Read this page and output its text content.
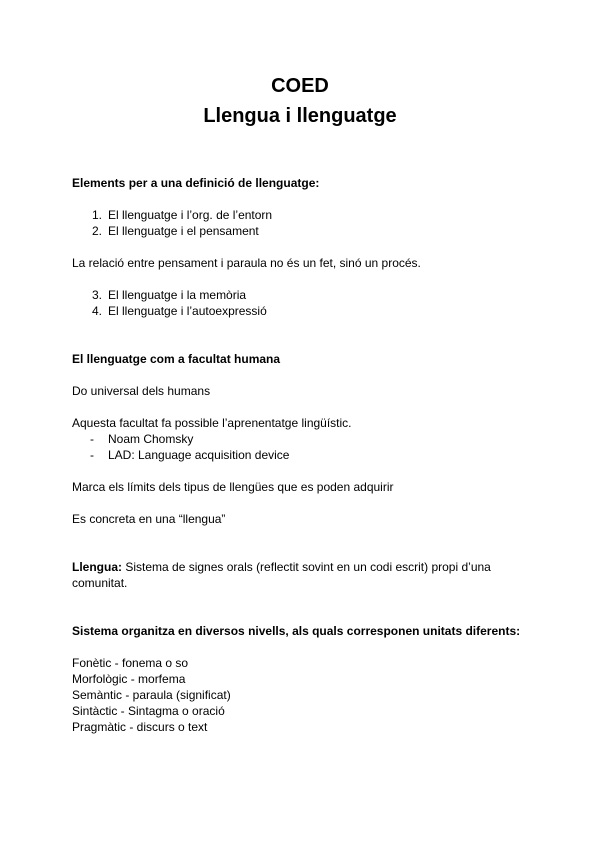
COED
Llengua i llenguatge
Elements per a una definició de llenguatge:
1. El llenguatge i l’org. de l’entorn
2. El llenguatge i el pensament
La relació entre pensament i paraula no és un fet, sinó un procés.
3. El llenguatge i la memòria
4. El llenguatge i l’autoexpressió
El llenguatge com a facultat humana
Do universal dels humans
Aquesta facultat fa possible l’aprenentatge lingüístic.
- Noam Chomsky
- LAD: Language acquisition device
Marca els límits dels tipus de llengües que es poden adquirir
Es concreta en una “llengua”
Llengua: Sistema de signes orals (reflectit sovint en un codi escrit) propi d’una comunitat.
Sistema organitza en diversos nivells, als quals corresponen unitats diferents:
Fonètic - fonema o so
Morfològic - morfema
Semàntic - paraula (significat)
Sintàctic - Sintagma o oració
Pragmàtic - discurs o text
